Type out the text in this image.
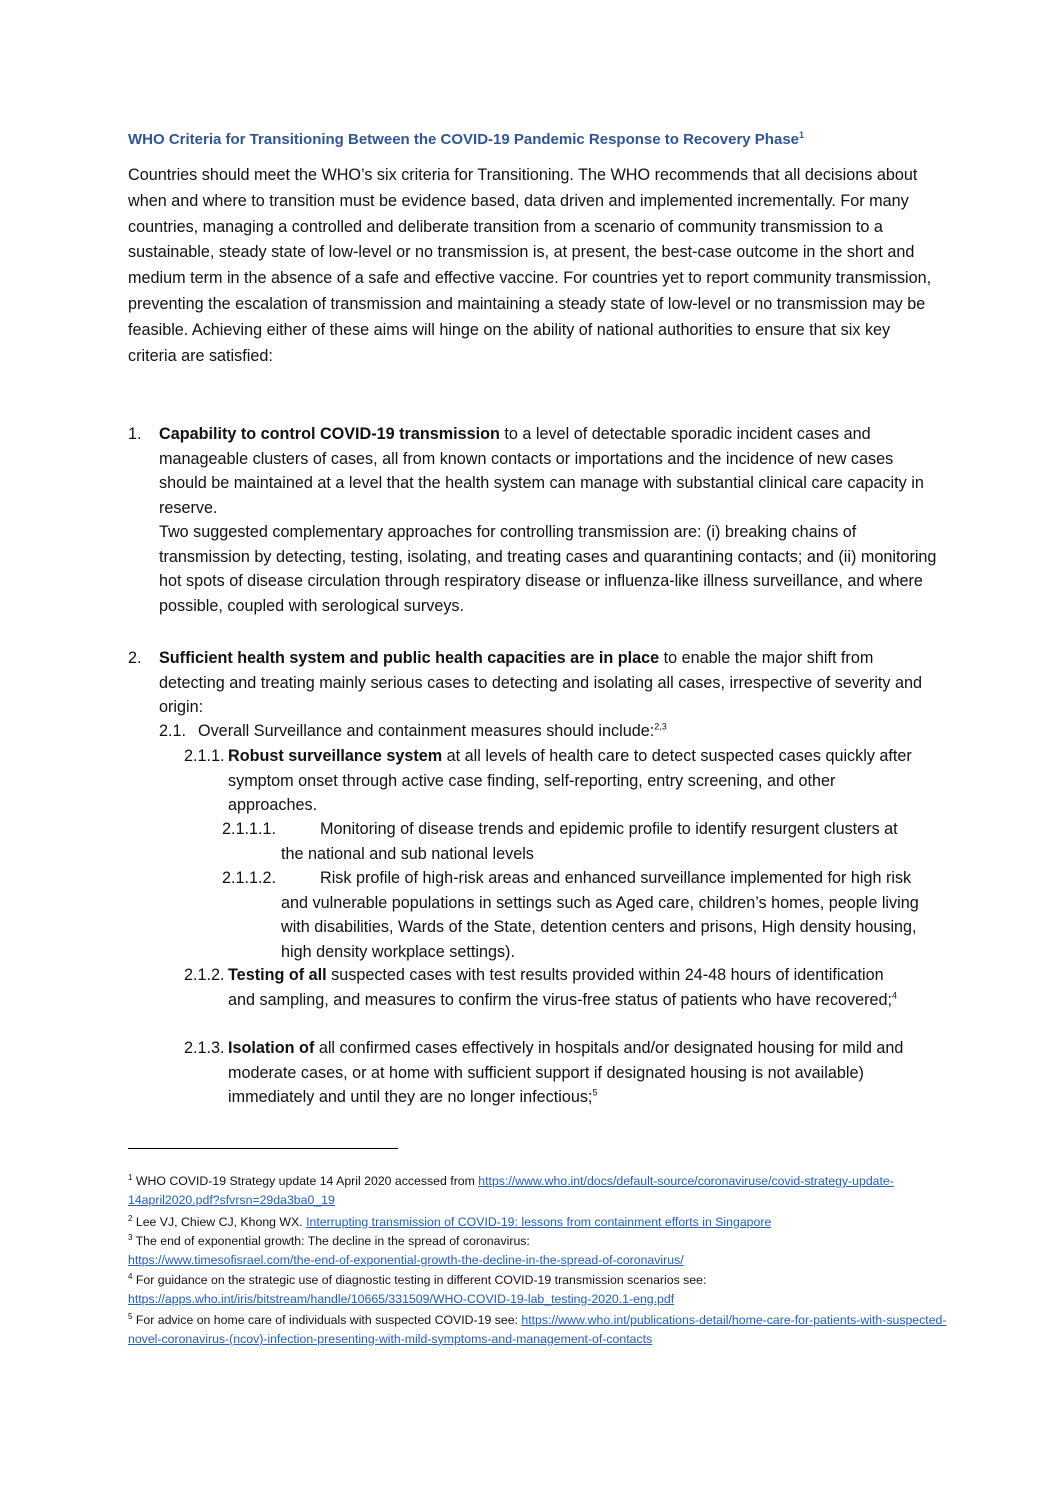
WHO Criteria for Transitioning Between the COVID-19 Pandemic Response to Recovery Phase$^1$

Countries should meet the WHO’s six criteria for Transitioning. The WHO recommends that all decisions about when and where to transition must be evidence based, data driven and implemented incrementally. For many countries, managing a controlled and deliberate transition from a scenario of community transmission to a sustainable, steady state of low-level or no transmission is, at present, the best-case outcome in the short and medium term in the absence of a safe and effective vaccine. For countries yet to report community transmission, preventing the escalation of transmission and maintaining a steady state of low-level or no transmission may be feasible. Achieving either of these aims will hinge on the ability of national authorities to ensure that six key criteria are satisfied:

1. Capability to control COVID-19 transmission to a level of detectable sporadic incident cases and manageable clusters of cases, all from known contacts or importations and the incidence of new cases should be maintained at a level that the health system can manage with substantial clinical care capacity in reserve.

Two suggested complementary approaches for controlling transmission are: (i) breaking chains of transmission by detecting, testing, isolating, and treating cases and quarantining contacts; and (ii) monitoring hot spots of disease circulation through respiratory disease or influenza-like illness surveillance, and where possible, coupled with serological surveys.

2. Sufficient health system and public health capacities are in place to enable the major shift from detecting and treating mainly serious cases to detecting and isolating all cases, irrespective of severity and origin:

2.1. Overall Surveillance and containment measures should include:$^{2,3}$

2.1.1. Robust surveillance system at all levels of health care to detect suspected cases quickly after symptom onset through active case finding, self-reporting, entry screening, and other approaches.

2.1.1.1.	Monitoring of disease trends and epidemic profile to identify resurgent clusters at the national and sub national levels

2.1.1.2.	Risk profile of high-risk areas and enhanced surveillance implemented for high risk and vulnerable populations in settings such as Aged care, children’s homes, people living with disabilities, Wards of the State, detention centers and prisons, High density housing, high density workplace settings).

2.1.2. Testing of all suspected cases with test results provided within 24-48 hours of identification and sampling, and measures to confirm the virus-free status of patients who have recovered;$^4$

2.1.3. Isolation of all confirmed cases effectively in hospitals and/or designated housing for mild and moderate cases, or at home with sufficient support if designated housing is not available) immediately and until they are no longer infectious;$^5$

$^1$ WHO COVID-19 Strategy update 14 April 2020 accessed from https://www.who.int/docs/default-source/coronaviruse/covid-strategy-update-14april2020.pdf?sfvrsn=29da3ba0_19

$^2$ Lee VJ, Chiew CJ, Khong WX. Interrupting transmission of COVID-19: lessons from containment efforts in Singapore

$^3$ The end of exponential growth: The decline in the spread of coronavirus:
https://www.timesofisrael.com/the-end-of-exponential-growth-the-decline-in-the-spread-of-coronavirus/

$^4$ For guidance on the strategic use of diagnostic testing in different COVID-19 transmission scenarios see:
https://apps.who.int/iris/bitstream/handle/10665/331509/WHO-COVID-19-lab_testing-2020.1-eng.pdf

$^5$ For advice on home care of individuals with suspected COVID-19 see: https://www.who.int/publications-detail/home-care-for-patients-with-suspected-novel-coronavirus-(ncov)-infection-presenting-with-mild-symptoms-and-management-of-contacts
